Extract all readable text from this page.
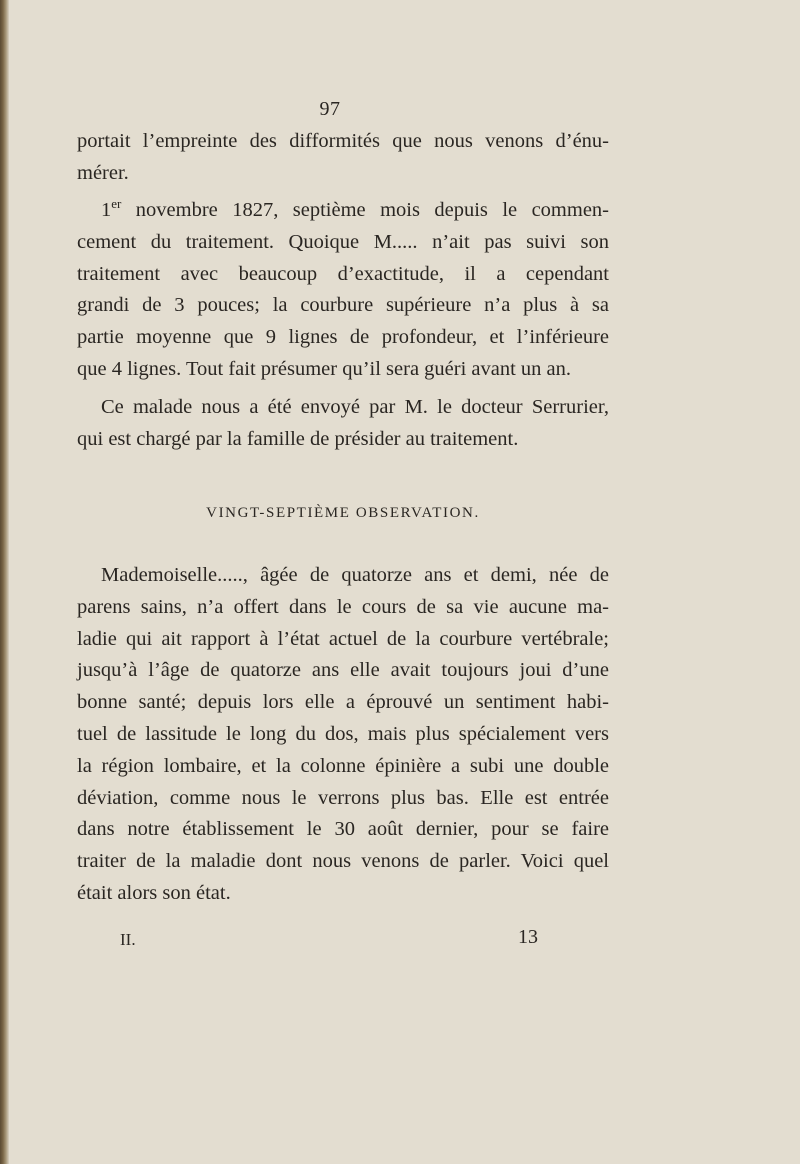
97
portait l’empreinte des difformités que nous venons d’énu-
mérer.
1er novembre 1827, septième mois depuis le commen-
cement du traitement. Quoique M..... n’ait pas suivi son
traitement avec beaucoup d’exactitude, il a cependant
grandi de 3 pouces; la courbure supérieure n’a plus à sa
partie moyenne que 9 lignes de profondeur, et l’inférieure
que 4 lignes. Tout fait présumer qu’il sera guéri avant un an.
Ce malade nous a été envoyé par M. le docteur Serrurier,
qui est chargé par la famille de présider au traitement.
VINGT-SEPTIÈME OBSERVATION.
Mademoiselle....., âgée de quatorze ans et demi, née de
parens sains, n’a offert dans le cours de sa vie aucune ma-
ladie qui ait rapport à l’état actuel de la courbure vertébrale;
jusqu’à l’âge de quatorze ans elle avait toujours joui d’une
bonne santé; depuis lors elle a éprouvé un sentiment habi-
tuel de lassitude le long du dos, mais plus spécialement vers
la région lombaire, et la colonne épinière a subi une double
déviation, comme nous le verrons plus bas. Elle est entrée
dans notre établissement le 30 août dernier, pour se faire
traiter de la maladie dont nous venons de parler. Voici quel
était alors son état.
II.	13
